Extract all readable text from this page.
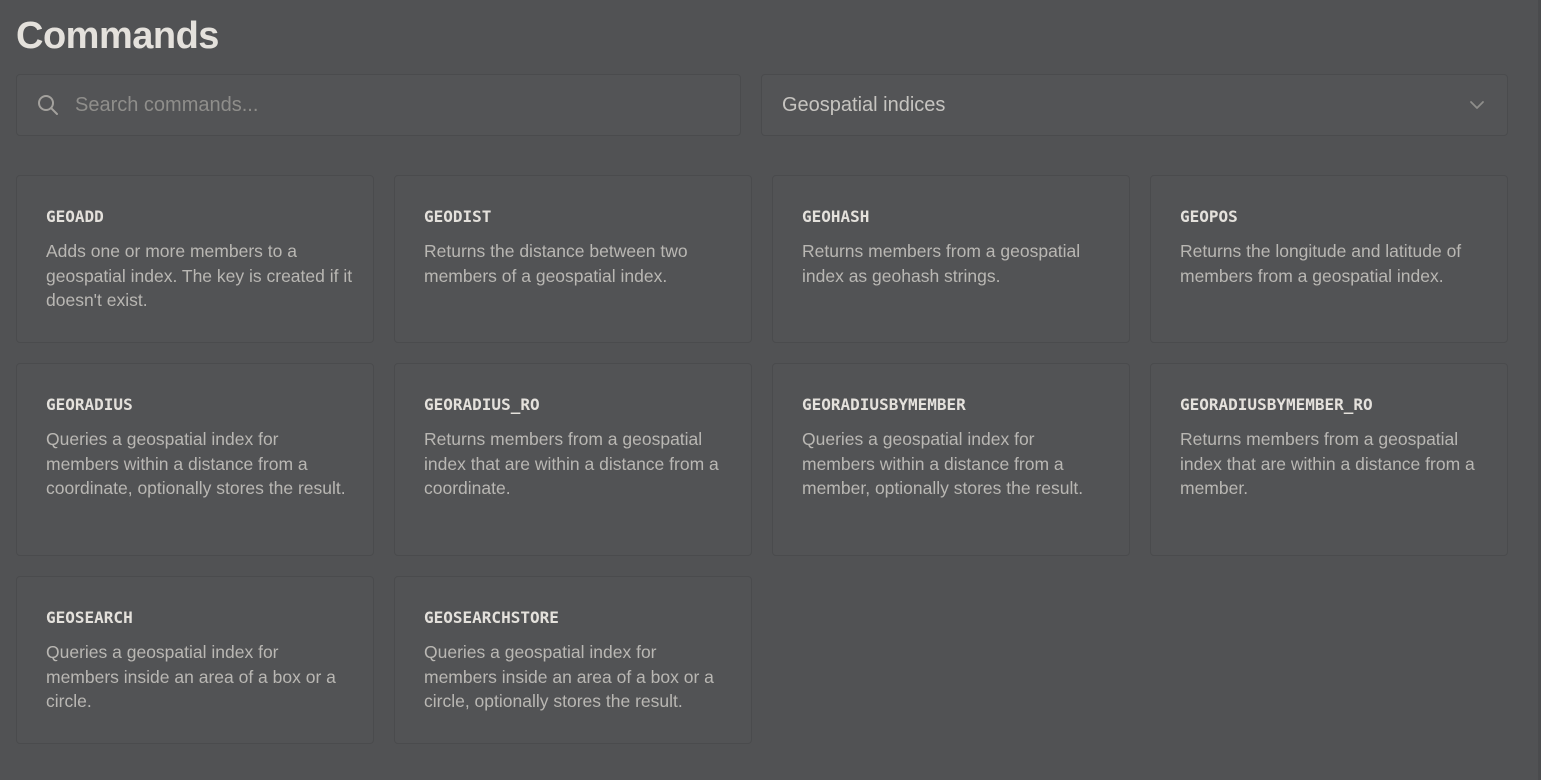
Commands
Search commands...
Geospatial indices
GEOADD
Adds one or more members to a geospatial index. The key is created if it doesn't exist.
GEODIST
Returns the distance between two members of a geospatial index.
GEOHASH
Returns members from a geospatial index as geohash strings.
GEOPOS
Returns the longitude and latitude of members from a geospatial index.
GEORADIUS
Queries a geospatial index for members within a distance from a coordinate, optionally stores the result.
GEORADIUS_RO
Returns members from a geospatial index that are within a distance from a coordinate.
GEORADIUSBYMEMBER
Queries a geospatial index for members within a distance from a member, optionally stores the result.
GEORADIUSBYMEMBER_RO
Returns members from a geospatial index that are within a distance from a member.
GEOSEARCH
Queries a geospatial index for members inside an area of a box or a circle.
GEOSEARCHSTORE
Queries a geospatial index for members inside an area of a box or a circle, optionally stores the result.
